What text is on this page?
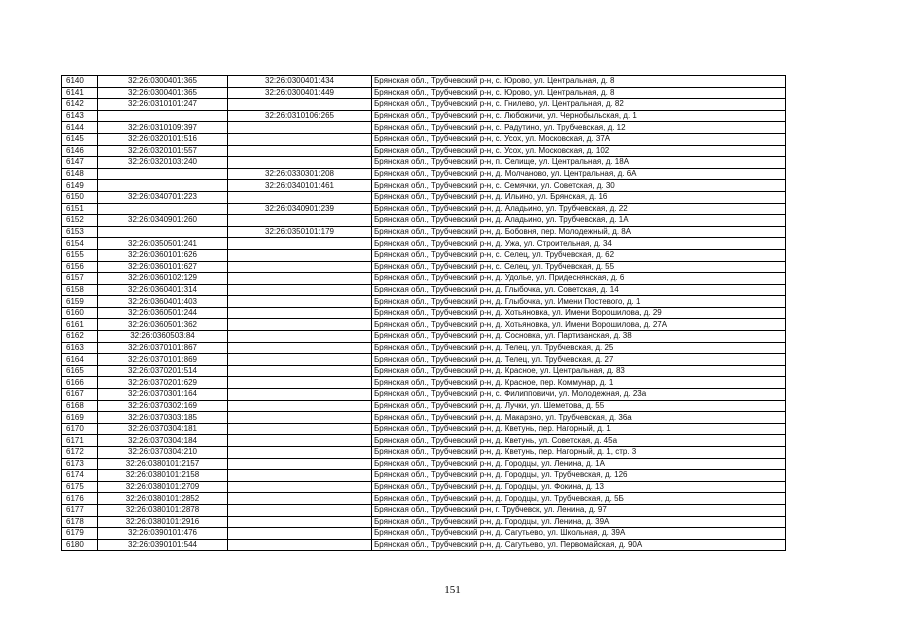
6140	32:26:0300401:365	32:26:0300401:434	Брянская обл., Трубчевский р-н, с. Юрово, ул. Центральная, д. 8
6141	32:26:0300401:365	32:26:0300401:449	Брянская обл., Трубчевский р-н, с. Юрово, ул. Центральная, д. 8
6142	32:26:0310101:247		Брянская обл., Трубчевский р-н, с. Гнилево, ул. Центральная, д. 82
6143		32:26:0310106:265	Брянская обл., Трубчевский р-н, с. Любожичи, ул. Чернобыльская, д. 1
6144	32:26:0310109:397		Брянская обл., Трубчевский р-н, с. Радутино, ул. Трубчевская, д. 12
6145	32:26:0320101:516		Брянская обл., Трубчевский р-н, с. Усох, ул. Московская, д. 37А
6146	32:26:0320101:557		Брянская обл., Трубчевский р-н, с. Усох, ул. Московская, д. 102
6147	32:26:0320103:240		Брянская обл., Трубчевский р-н, п. Селище, ул. Центральная, д. 18А
6148		32:26:0330301:208	Брянская обл., Трубчевский р-н, д. Молчаново, ул. Центральная, д. 6А
6149		32:26:0340101:461	Брянская обл., Трубчевский р-н, с. Семячки, ул. Советская, д. 30
6150	32:26:0340701:223		Брянская обл., Трубчевский р-н, д. Ильино, ул. Брянская, д. 16
6151		32:26:0340901:239	Брянская обл., Трубчевский р-н, д. Аладьино, ул. Трубчевская, д. 22
6152	32:26:0340901:260		Брянская обл., Трубчевский р-н, д. Аладьино, ул. Трубчевская, д. 1А
6153		32:26:0350101:179	Брянская обл., Трубчевский р-н, д. Бобовня, пер. Молодежный, д. 8А
6154	32:26:0350501:241		Брянская обл., Трубчевский р-н, д. Ужа, ул. Строительная, д. 34
6155	32:26:0360101:626		Брянская обл., Трубчевский р-н, с. Селец, ул. Трубчевская, д. 62
6156	32:26:0360101:627		Брянская обл., Трубчевский р-н, с. Селец, ул. Трубчевская, д. 55
6157	32:26:0360102:129		Брянская обл., Трубчевский р-н, д. Удолье, ул. Придеснянская, д. 6
6158	32:26:0360401:314		Брянская обл., Трубчевский р-н, д. Глыбочка, ул. Советская, д. 14
6159	32:26:0360401:403		Брянская обл., Трубчевский р-н, д. Глыбочка, ул. Имени Постевого, д. 1
6160	32:26:0360501:244		Брянская обл., Трубчевский р-н, д. Хотьяновка, ул. Имени Ворошилова, д. 29
6161	32:26:0360501:362		Брянская обл., Трубчевский р-н, д. Хотьяновка, ул. Имени Ворошилова, д. 27А
6162	32:26:0360503:84		Брянская обл., Трубчевский р-н, д. Сосновка, ул. Партизанская, д. 38
6163	32:26:0370101:867		Брянская обл., Трубчевский р-н, д. Телец, ул. Трубчевская, д. 25
6164	32:26:0370101:869		Брянская обл., Трубчевский р-н, д. Телец, ул. Трубчевская, д. 27
6165	32:26:0370201:514		Брянская обл., Трубчевский р-н, д. Красное, ул. Центральная, д. 83
6166	32:26:0370201:629		Брянская обл., Трубчевский р-н, д. Красное, пер. Коммунар, д. 1
6167	32:26:0370301:164		Брянская обл., Трубчевский р-н, с. Филипповичи, ул. Молодежная, д. 23а
6168	32:26:0370302:169		Брянская обл., Трубчевский р-н, д. Лучки, ул. Шеметова, д. 55
6169	32:26:0370303:185		Брянская обл., Трубчевский р-н, д. Макарзно, ул. Трубчевская, д. 36а
6170	32:26:0370304:181		Брянская обл., Трубчевский р-н, д. Кветунь, пер. Нагорный, д. 1
6171	32:26:0370304:184		Брянская обл., Трубчевский р-н, д. Кветунь, ул. Советская, д. 45а
6172	32:26:0370304:210		Брянская обл., Трубчевский р-н, д. Кветунь, пер. Нагорный, д. 1, стр. 3
6173	32:26:0380101:2157		Брянская обл., Трубчевский р-н, д. Городцы, ул. Ленина, д. 1А
6174	32:26:0380101:2158		Брянская обл., Трубчевский р-н, д. Городцы, ул. Трубчевская, д. 126
6175	32:26:0380101:2709		Брянская обл., Трубчевский р-н, д. Городцы, ул. Фокина, д. 13
6176	32:26:0380101:2852		Брянская обл., Трубчевский р-н, д. Городцы, ул. Трубчевская, д. 5Б
6177	32:26:0380101:2878		Брянская обл., Трубчевский р-н, г. Трубчевск, ул. Ленина, д. 97
6178	32:26:0380101:2916		Брянская обл., Трубчевский р-н, д. Городцы, ул. Ленина, д. 39А
6179	32:26:0390101:476		Брянская обл., Трубчевский р-н, д. Сагутьево, ул. Школьная, д. 39А
6180	32:26:0390101:544		Брянская обл., Трубчевский р-н, д. Сагутьево, ул. Первомайская, д. 90А
151
